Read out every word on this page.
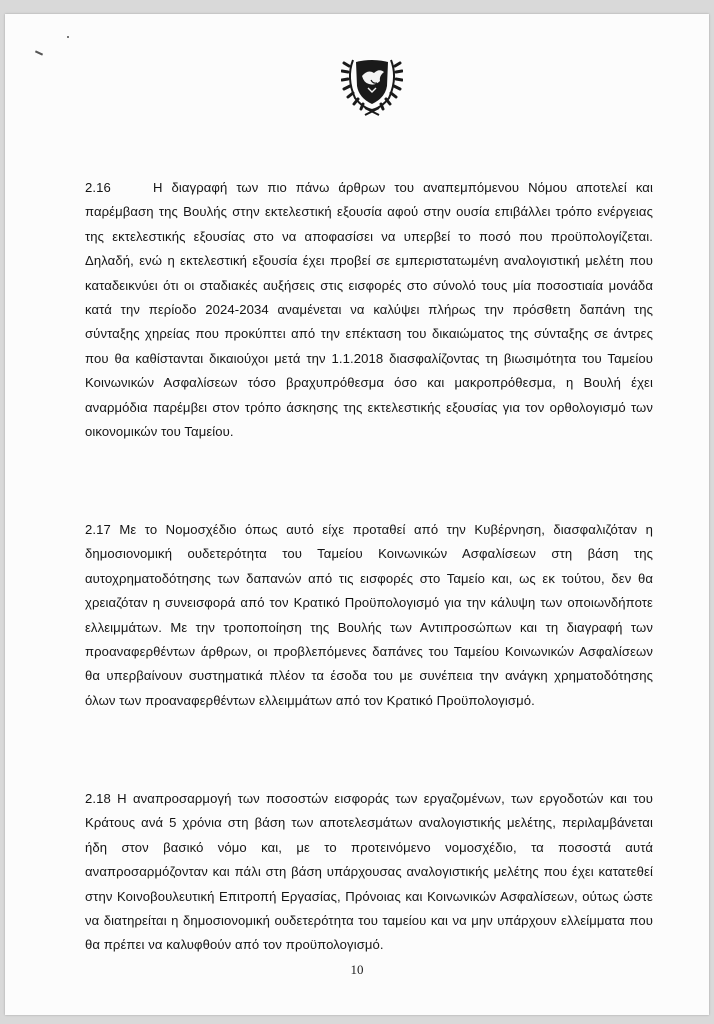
2.16	Η διαγραφή των πιο πάνω άρθρων του αναπεμπόμενου Νόμου αποτελεί και παρέμβαση της Βουλής στην εκτελεστική εξουσία αφού στην ουσία επιβάλλει τρόπο ενέργειας της εκτελεστικής εξουσίας στο να αποφασίσει να υπερβεί το ποσό που προϋπολογίζεται. Δηλαδή, ενώ η εκτελεστική εξουσία έχει προβεί σε εμπεριστατωμένη αναλογιστική μελέτη που καταδεικνύει ότι οι σταδιακές αυξήσεις στις εισφορές στο σύνολό τους μία ποσοστιαία μονάδα κατά την περίοδο 2024-2034 αναμένεται να καλύψει πλήρως την πρόσθετη δαπάνη της σύνταξης χηρείας που προκύπτει από την επέκταση του δικαιώματος της σύνταξης σε άντρες που θα καθίστανται δικαιούχοι μετά την 1.1.2018 διασφαλίζοντας τη βιωσιμότητα του Ταμείου Κοινωνικών Ασφαλίσεων τόσο βραχυπρόθεσμα όσο και μακροπρόθεσμα, η Βουλή έχει αναρμόδια παρέμβει στον τρόπο άσκησης της εκτελεστικής εξουσίας για τον ορθολογισμό των οικονομικών του Ταμείου.

2.17 Με το Νομοσχέδιο όπως αυτό είχε προταθεί από την Κυβέρνηση, διασφαλιζόταν η δημοσιονομική ουδετερότητα του Ταμείου Κοινωνικών Ασφαλίσεων στη βάση της αυτοχρηματοδότησης των δαπανών από τις εισφορές στο Ταμείο και, ως εκ τούτου, δεν θα χρειαζόταν η συνεισφορά από τον Κρατικό Προϋπολογισμό για την κάλυψη των οποιωνδήποτε ελλειμμάτων. Με την τροποποίηση της Βουλής των Αντιπροσώπων και τη διαγραφή των προαναφερθέντων άρθρων, οι προβλεπόμενες δαπάνες του Ταμείου Κοινωνικών Ασφαλίσεων θα υπερβαίνουν συστηματικά πλέον τα έσοδα του με συνέπεια την ανάγκη χρηματοδότησης όλων των προαναφερθέντων ελλειμμάτων από τον Κρατικό Προϋπολογισμό.

2.18 Η αναπροσαρμογή των ποσοστών εισφοράς των εργαζομένων, των εργοδοτών και του Κράτους ανά 5 χρόνια στη βάση των αποτελεσμάτων αναλογιστικής μελέτης, περιλαμβάνεται ήδη στον βασικό νόμο και, με το προτεινόμενο νομοσχέδιο, τα ποσοστά αυτά αναπροσαρμόζονταν και πάλι στη βάση υπάρχουσας αναλογιστικής μελέτης που έχει κατατεθεί στην Κοινοβουλευτική Επιτροπή Εργασίας, Πρόνοιας και Κοινωνικών Ασφαλίσεων, ούτως ώστε να διατηρείται η δημοσιονομική ουδετερότητα του ταμείου και να μην υπάρχουν ελλείμματα που θα πρέπει να καλυφθούν από τον προϋπολογισμό.

10
